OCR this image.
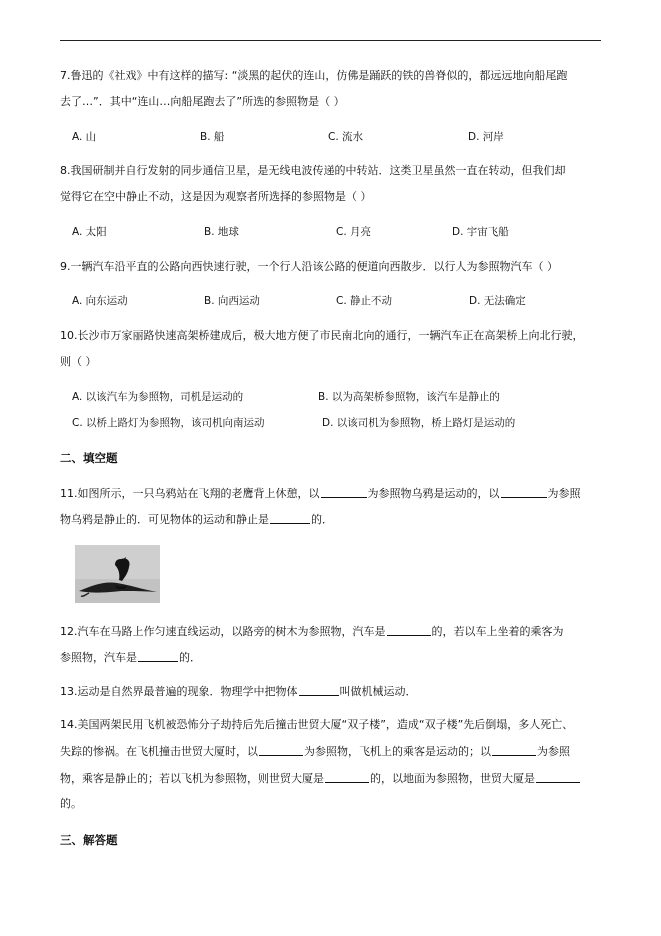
7.鲁迅的《社戏》中有这样的描写: “淡黑的起伏的连山，仿佛是踊跃的铁的兽脊似的，都远远地向船尾跑
去了…”．其中“连山…向船尾跑去了”所选的参照物是（ ）
A. 山	B. 船	C. 流水	D. 河岸
8.我国研制并自行发射的同步通信卫星，是无线电波传递的中转站．这类卫星虽然一直在转动，但我们却
觉得它在空中静止不动，这是因为观察者所选择的参照物是（ ）
A. 太阳	B. 地球	C. 月亮	D. 宇宙飞船
9.一辆汽车沿平直的公路向西快速行驶，一个行人沿该公路的便道向西散步．以行人为参照物汽车（ ）
A. 向东运动	B. 向西运动	C. 静止不动	D. 无法确定
10.长沙市万家丽路快速高架桥建成后，极大地方便了市民南北向的通行，一辆汽车正在高架桥上向北行驶，
则（ ）
A. 以该汽车为参照物，司机是运动的	B. 以为高架桥参照物，该汽车是静止的
C. 以桥上路灯为参照物，该司机向南运动	D. 以该司机为参照物，桥上路灯是运动的
二、填空题
11.如图所示，一只乌鸦站在飞翔的老鹰背上休憩，以	为参照物乌鸦是运动的，以	为参照
物乌鸦是静止的．可见物体的运动和静止是	的．
12.汽车在马路上作匀速直线运动，以路旁的树木为参照物，汽车是	的，若以车上坐着的乘客为
参照物，汽车是	的．
13.运动是自然界最普遍的现象．物理学中把物体	叫做机械运动．
14.美国两架民用飞机被恐怖分子劫持后先后撞击世贸大厦“双子楼”，造成“双子楼”先后倒塌，多人死亡、
失踪的惨祸。在飞机撞击世贸大厦时，以	为参照物，飞机上的乘客是运动的；以	为参照
物，乘客是静止的；若以飞机为参照物，则世贸大厦是	的，以地面为参照物，世贸大厦是
的。
三、解答题
